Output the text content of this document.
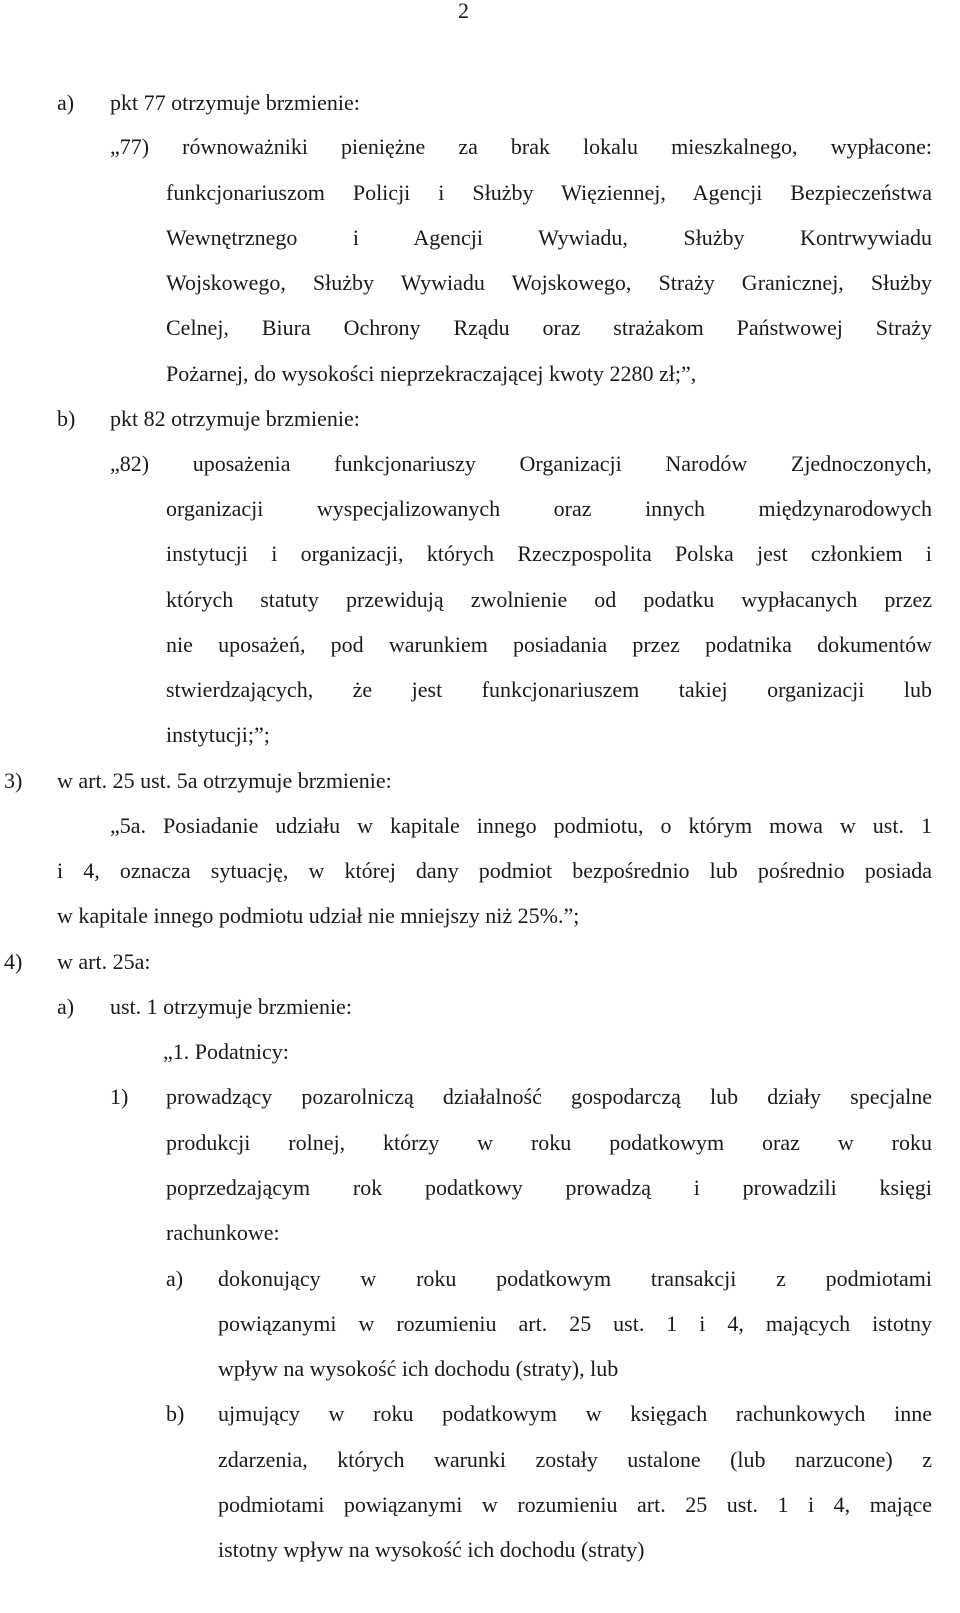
2
a) pkt 77 otrzymuje brzmienie:
„77) równoważniki pieniężne za brak lokalu mieszkalnego, wypłacone:
funkcjonariuszom Policji i Służby Więziennej, Agencji Bezpieczeństwa
Wewnętrznego i Agencji Wywiadu, Służby Kontrwywiadu
Wojskowego, Służby Wywiadu Wojskowego, Straży Granicznej, Służby
Celnej, Biura Ochrony Rządu oraz strażakom Państwowej Straży
Pożarnej, do wysokości nieprzekraczającej kwoty 2280 zł;”,
b) pkt 82 otrzymuje brzmienie:
„82) uposażenia funkcjonariuszy Organizacji Narodów Zjednoczonych,
organizacji wyspecjalizowanych oraz innych międzynarodowych
instytucji i organizacji, których Rzeczpospolita Polska jest członkiem i
których statuty przewidują zwolnienie od podatku wypłacanych przez
nie uposażeń, pod warunkiem posiadania przez podatnika dokumentów
stwierdzających, że jest funkcjonariuszem takiej organizacji lub
instytucji;”;
3) w art. 25 ust. 5a otrzymuje brzmienie:
„5a. Posiadanie udziału w kapitale innego podmiotu, o którym mowa w ust. 1
i 4, oznacza sytuację, w której dany podmiot bezpośrednio lub pośrednio posiada
w kapitale innego podmiotu udział nie mniejszy niż 25%.”;
4) w art. 25a:
a) ust. 1 otrzymuje brzmienie:
„1. Podatnicy:
1) prowadzący pozarolniczą działalność gospodarczą lub działy specjalne
produkcji rolnej, którzy w roku podatkowym oraz w roku
poprzedzającym rok podatkowy prowadzą i prowadzili księgi
rachunkowe:
a) dokonujący w roku podatkowym transakcji z podmiotami
powiązanymi w rozumieniu art. 25 ust. 1 i 4, mających istotny
wpływ na wysokość ich dochodu (straty), lub
b) ujmujący w roku podatkowym w księgach rachunkowych inne
zdarzenia, których warunki zostały ustalone (lub narzucone) z
podmiotami powiązanymi w rozumieniu art. 25 ust. 1 i 4, mające
istotny wpływ na wysokość ich dochodu (straty)
